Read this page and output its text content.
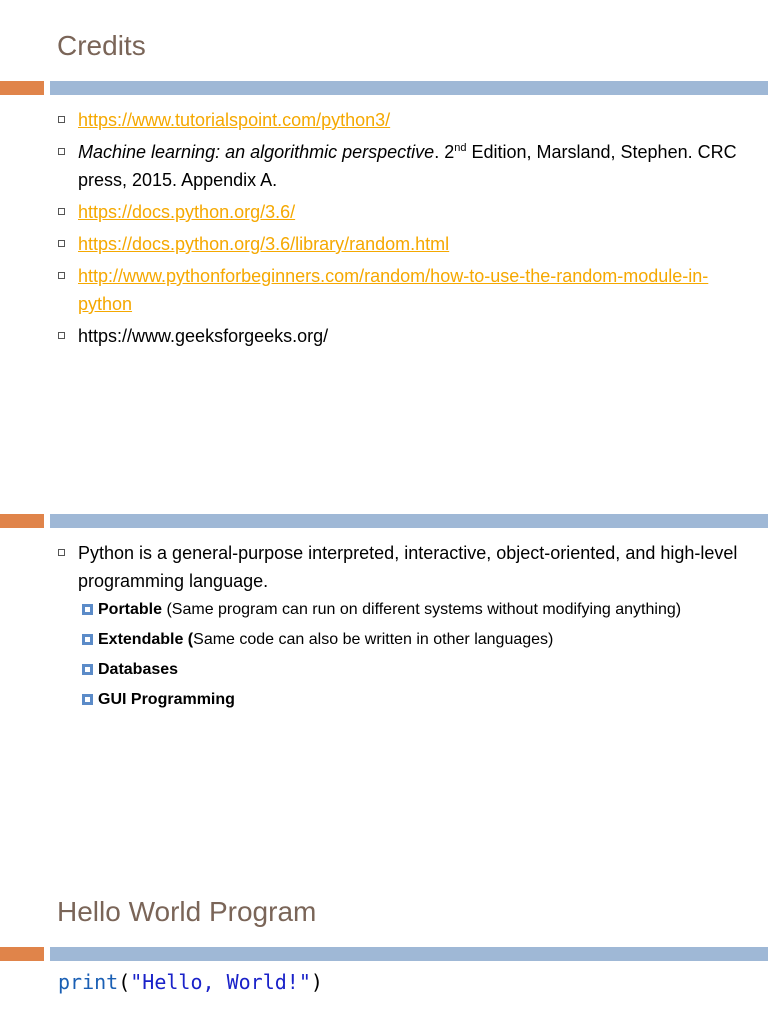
Credits
https://www.tutorialspoint.com/python3/
Machine learning: an algorithmic perspective. 2nd Edition, Marsland, Stephen. CRC press, 2015. Appendix A.
https://docs.python.org/3.6/
https://docs.python.org/3.6/library/random.html
http://www.pythonforbeginners.com/random/how-to-use-the-random-module-in-python
https://www.geeksforgeeks.org/
Python is a general-purpose interpreted, interactive, object-oriented, and high-level programming language.
Portable (Same program can run on different systems without modifying anything)
Extendable (Same code can also be written in other languages)
Databases
GUI Programming
Hello World Program
print("Hello, World!")
